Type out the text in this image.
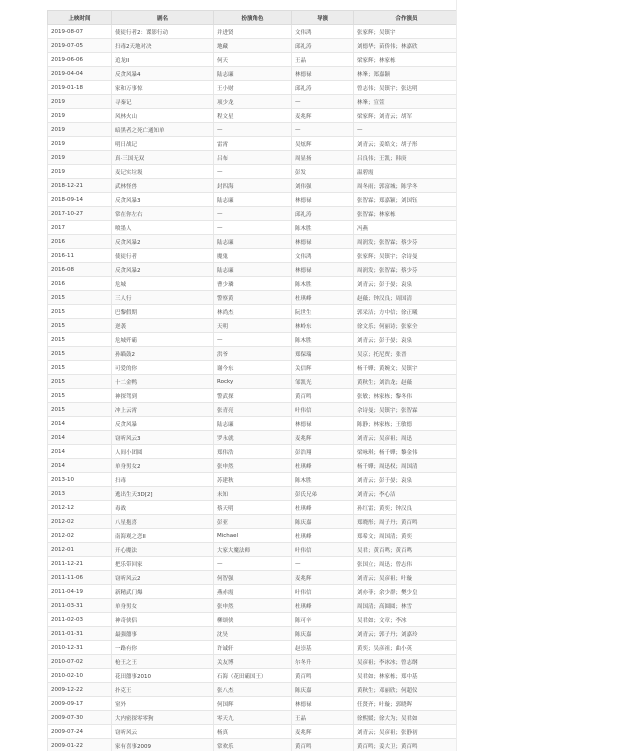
上映时间	剧名	扮演角色	导演	合作演员
2019-08-07	使徒行者2：谍影行动	并进贤	文伟鸿	张家辉；吴镇宇
2019-07-05	扫毒2天地对决	地藏	邱礼涛	刘德华；苗侨伟；林嘉欣
2019-06-06	追龙II	何天	王晶	梁家辉；林家栋
2019-04-04	反贪风暴4	陆志廉	林德禄	林峯；郑嘉颖
2019-01-18	家和万事惊	王小财	邱礼涛	曾志伟；吴镇宇；张达明
2019	寻秦记	项少龙	—	林峯；宣萱
2019	风林火山	程文星	麦兆辉	梁家辉；刘青云；胡军
2019	暗黑者之死亡通知单	—	—	—
2019	明日战记	雷霄	吴炫辉	刘青云；姜皓文；胡子彤
2019	真·三国无双	吕布	周显扬	吕良伟；王凯；韩庚
2019	麦记实垃圾	—	彭发	温碧霞
2018-12-21	武林怪兽	封四海	刘伟强	周冬雨；郭富城；陈学冬
2018-09-14	反贪风暴3	陆志廉	林德禄	张智霖；郑嘉颖；刘国钰
2017-10-27	常在你左右	—	邱礼涛	张智霖；林家栋
2017	喷墨人	—	陈木胜	冯燕
2016	反贪风暴2	陆志廉	林德禄	周润发；张智霖；蔡少芬
2016-11	使徒行者	魔鬼	文伟鸿	张家辉；吴镇宇；佘诗曼
2016-08	反贪风暴2	陆志廉	林德禄	周润发；张智霖；蔡少芬
2016	危城	曹少璘	陈木胜	刘青云；彭于晏；袁泉
2015	三人行	警察黄	杜琪峰	赵薇；钟汉良；周国清
2015	巴黎假期	林尚杰	阮世生	郭采洁；方中信；徐正曦
2015	逆袭	天明	林岭东	徐文乐；何丽诗；张家全
2015	危城歼霸	—	陈木胜	刘青云；彭于晏；袁泉
2015	孙瞄鼓2	洪爷	郑保瑞	吴京；托尼贾；张晋
2015	可爱的你	谢今东	关信辉	杨千嬅；黄婉文；吴镇宇
2015	十二金鸭	Rocky	邹凯光	黄秋生；刘浩龙；赵薇
2015	神探驾到	警武探	黄百鸣	张敏；林家栋；黎冬伟
2015	冲上云霄	张青亮	叶伟信	佘诗曼；吴镇宇；张智霖
2014	反贪风暴	陆志廉	林德禄	陈静；林家栋；王敏德
2014	窃听风云3	罗永就	麦兆辉	刘青云；吴彦祖；周迅
2014	人间小团圆	郑伟浩	彭浩翔	梁咏琪；杨千嬅；黎金伟
2014	单身男女2	张申然	杜琪峰	杨千嬅；周迅权；周国清
2013-10	扫毒	苏建秋	陈木胜	刘青云；彭于晏；袁泉
2013	逃出生天3D[2]	未知	彭氏兄弟	刘青云；李心洁
2012-12	毒战	蔡天明	杜琪峰	孙红雷；黄奕；钟汉良
2012-02	八星抱喜	彭亚	陈庆嘉	郑晓彤；周子丹；黄百鸣
2012-02	南海观之恋II	Michael	杜琪峰	郑希文；周国清；黄奕
2012-01	开心魔法	大家大魔法师	叶伟信	吴君；黄百鸣；黄百鸣
2011-12-21	把乐带回家	—	—	张国立；周迅；曾志伟
2011-11-06	窃听风云2	何智强	麦兆辉	刘青云；吴彦祖；叶璇
2011-04-19	新精武门爆	燕赤霞	叶伟信	刘亦菲；余少群；樊少皇
2011-03-31	单身男女	张申然	杜琪峰	周国清；高圆圆；林雪
2011-02-03	神奇侠侣	柳颂侠	陈可辛	吴君如；文章；李冰
2011-01-31	最强囍事	沈昊	陈庆嘉	刘青云；郭子丹；刘嘉玲
2010-12-31	一路有你	许诚轩	赵崇基	黄奕；吴彦祖；曲小英
2010-07-02	枪王之王	关友博	尔冬升	吴彦祖；李冰冰；曾志纲
2010-02-10	花田囍事2010	石海（花田霸国王）	黄百鸣	吴君如；林家栋；郑中基
2009-12-22	扑克王	张八杰	陈庆嘉	黄秋生；邓丽欣；何超仪
2009-09-17	窒外	何国辉	林德禄	任贤齐；叶璇；郭晓晖
2009-07-30	大内密探零零狗	零天九	王晶	徐熙媛；徐大为；吴君如
2009-07-24	窃听风云	杨真	麦兆辉	刘青云；吴彦祖；张静初
2009-01-22	家有喜事2009	常欢乐	黄百鸣	黄百鸣；姜大卫；黄百鸣
